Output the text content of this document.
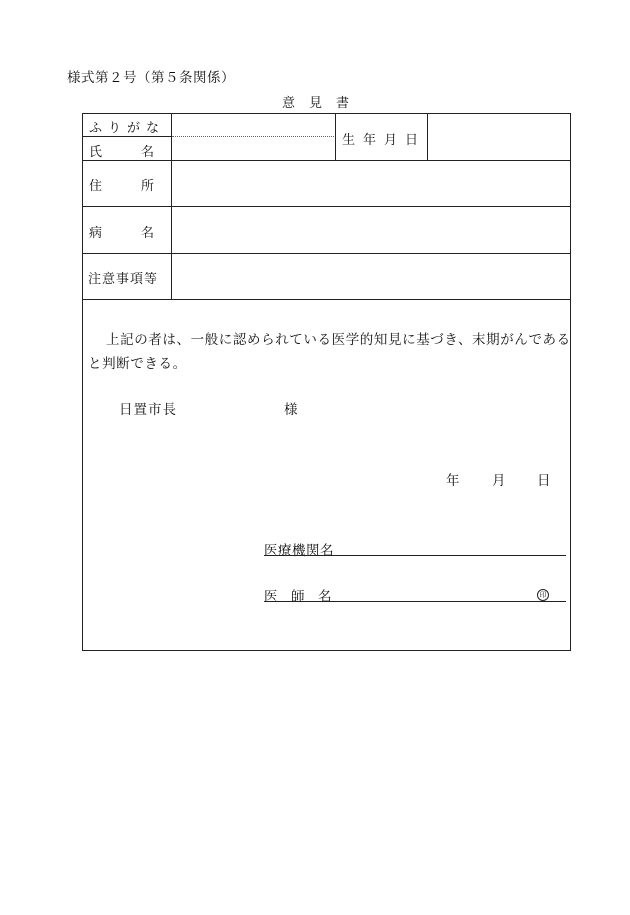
様式第２号（第５条関係）
意見書
ふりがな
氏　　　名
生年月日
住　　　所
病　　　名
注意事項等
上記の者は、一般に認められている医学的知見に基づき、末期がんであると判断できる。
日置市長	様
年 月 日
医療機関名
医　師　名	印
